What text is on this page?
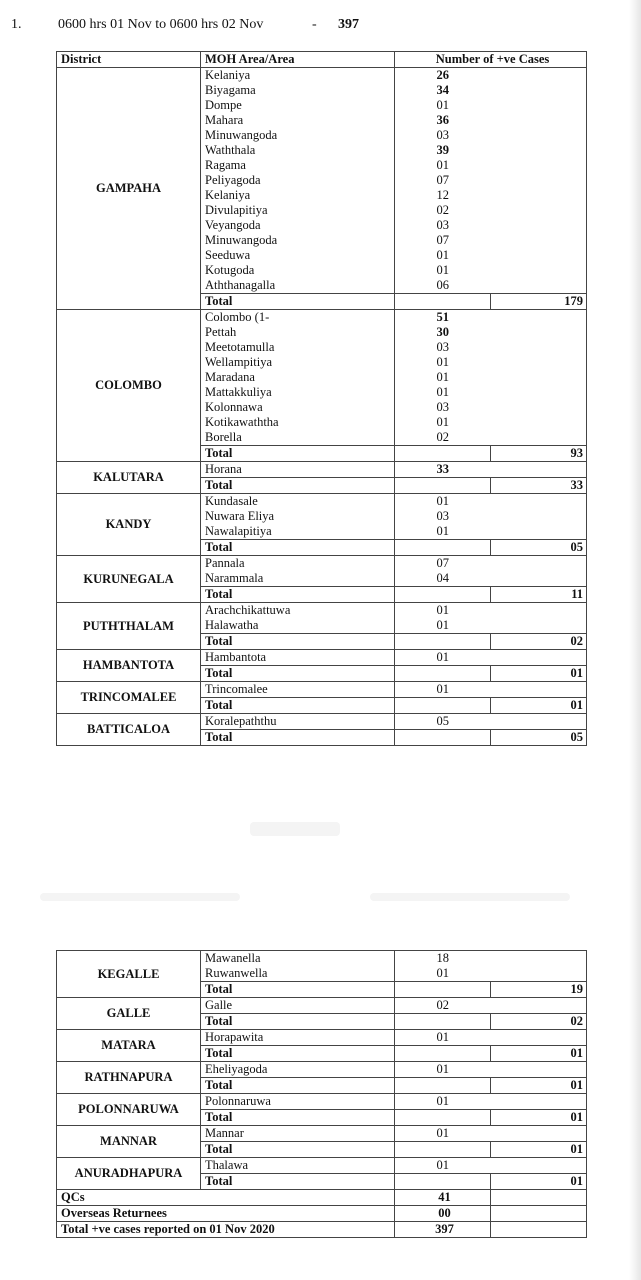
1.	0600 hrs 01 Nov to 0600 hrs 02 Nov	- 397
District	MOH Area/Area	Number of +ve Cases	
GAMPAHA	Kelaniya	26	
	Biyagama	34	
	Dompe	01	
	Mahara	36	
	Minuwangoda	03	
	Waththala	39	
	Ragama	01	
	Peliyagoda	07	
	Kelaniya	12	
	Divulapitiya	02	
	Veyangoda	03	
	Minuwangoda	07	
	Seeduwa	01	
	Kotugoda	01	
	Aththanagalla	06	
	Total		179
COLOMBO	Colombo (1-	51	
	Pettah	30	
	Meetotamulla	03	
	Wellampitiya	01	
	Maradana	01	
	Mattakkuliya	01	
	Kolonnawa	03	
	Kotikawaththa	01	
	Borella	02	
	Total		93
KALUTARA	Horana	33	
	Total		33
KANDY	Kundasale	01	
	Nuwara Eliya	03	
	Nawalapitiya	01	
	Total		05
KURUNEGALA	Pannala	07	
	Narammala	04	
	Total		11
PUTHTHALAM	Arachchikattuwa	01	
	Halawatha	01	
	Total		02
HAMBANTOTA	Hambantota	01	
	Total		01
TRINCOMALEE	Trincomalee	01	
	Total		01
BATTICALOA	Koralepaththu	05	
	Total		05
KEGALLE	Mawanella	18	
	Ruwanwella	01	
	Total		19
GALLE	Galle	02	
	Total		02
MATARA	Horapawita	01	
	Total		01
RATHNAPURA	Eheliyagoda	01	
	Total		01
POLONNARUWA	Polonnaruwa	01	
	Total		01
MANNAR	Mannar	01	
	Total		01
ANURADHAPURA	Thalawa	01	
	Total		01
QCs		41	
Overseas Returnees		00	
Total +ve cases reported on 01 Nov 2020		397	
